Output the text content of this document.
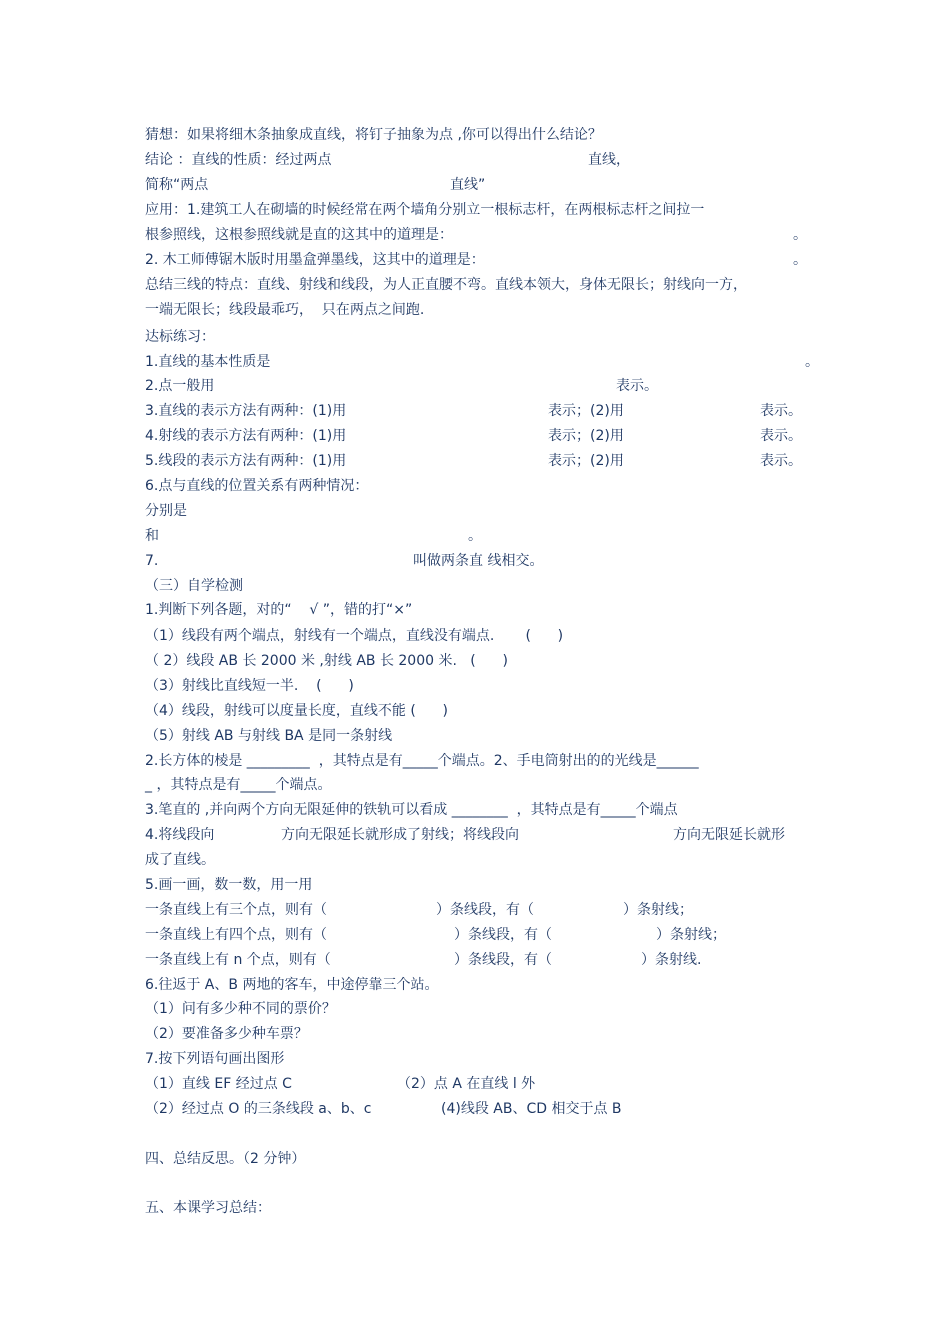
猜想：如果将细木条抽象成直线，将钉子抽象为点 ,你可以得出什么结论？
结论 ：直线的性质：经过两点	直线，
简称“两点	直线”
应用：1.建筑工人在砌墙的时候经常在两个墙角分别立一根标志杆，在两根标志杆之间拉一
根参照线，这根参照线就是直的这其中的道理是：	。
2. 木工师傅锯木版时用墨盒弹墨线，这其中的道理是：	。
总结三线的特点：直线、射线和线段，为人正直腰不弯。直线本领大，身体无限长；射线向一方，
一端无限长；线段最乖巧，  只在两点之间跑.
达标练习：
1.直线的基本性质是	。
2.点一般用	表示。
3.直线的表示方法有两种：(1)用	表示；(2)用	表示。
4.射线的表示方法有两种：(1)用	表示；(2)用	表示。
5.线段的表示方法有两种：(1)用	表示；(2)用	表示。
6.点与直线的位置关系有两种情况：
分别是
和	。
7.	叫做两条直 线相交。
（三）自学检测
1.判断下列各题，对的“    √ ”，错的打“×”
（1）线段有两个端点，射线有一个端点，直线没有端点.       (      )
（ 2）线段 AB 长 2000 米 ,射线 AB 长 2000 米.   (      )
（3）射线比直线短一半.    (      )
（4）线段，射线可以度量长度，直线不能 (      )
（5）射线 AB 与射线 BA 是同一条射线
2.长方体的棱是 _________  ，其特点是有_____个端点。2、手电筒射出的的光线是______
_ ，其特点是有_____个端点。
3.笔直的 ,并向两个方向无限延伸的铁轨可以看成 ________  ，其特点是有_____个端点
4.将线段向	方向无限延长就形成了射线；将线段向	方向无限延长就形
成了直线。
5.画一画，数一数，用一用
一条直线上有三个点，则有（	）条线段，有（	）条射线；
一条直线上有四个点，则有（	）条线段，有（	）条射线；
一条直线上有 n 个点，则有（	）条线段，有（	）条射线.
6.往返于 A、B 两地的客车，中途停靠三个站。
（1）问有多少种不同的票价？
（2）要准备多少种车票？
7.按下列语句画出图形
（1）直线 EF 经过点 C	（2）点 A 在直线 l 外
（2）经过点 O 的三条线段 a、b、c	(4)线段 AB、CD 相交于点 B
四、总结反思。（2 分钟）
五、本课学习总结：
